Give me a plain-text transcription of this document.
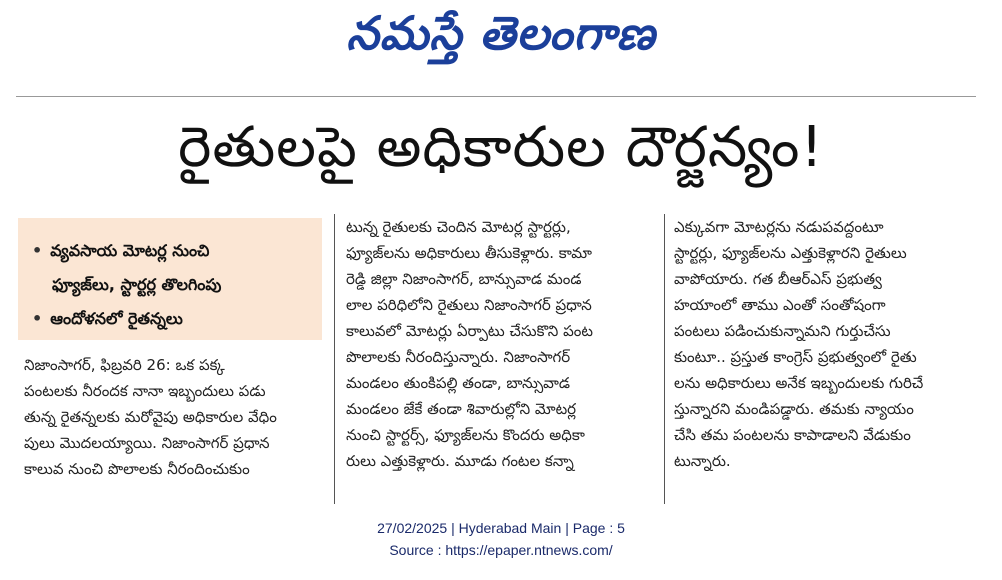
నమస్తే తెలంగాణ
రైతులపై అధికారుల దౌర్జన్యం!
• వ్యవసాయ మోటర్ల నుంచి
ఫ్యూజ్‌లు, స్టార్టర్ల తొలగింపు
• ఆందోళనలో రైతన్నలు
నిజాంసాగర్, ఫిబ్రవరి 26: ఒక పక్క
పంటలకు నీరందక నానా ఇబ్బందులు పడు
తున్న రైతన్నలకు మరోవైపు అధికారుల వేధిం
పులు మొదలయ్యాయి. నిజాంసాగర్ ప్రధాన
కాలువ నుంచి పొలాలకు నీరందించుకుం
టున్న రైతులకు చెందిన మోటర్ల స్టార్టర్లు,
ఫ్యూజ్‌లను అధికారులు తీసుకెళ్లారు. కామా
రెడ్డి జిల్లా నిజాంసాగర్, బాన్సువాడ మండ
లాల పరిధిలోని రైతులు నిజాంసాగర్ ప్రధాన
కాలువలో మోటర్లు ఏర్పాటు చేసుకొని పంట
పొలాలకు నీరందిస్తున్నారు. నిజాంసాగర్
మండలం తుంకిపల్లి తండా, బాన్సువాడ
మండలం జేకే తండా శివారుల్లోని మోటర్ల
నుంచి స్టార్టర్స్, ఫ్యూజ్‌లను కొందరు అధికా
రులు ఎత్తుకెళ్లారు. మూడు గంటల కన్నా
ఎక్కువగా మోటర్లను నడుపవద్దంటూ
స్టార్టర్లు, ఫ్యూజ్‌లను ఎత్తుకెళ్లారని రైతులు
వాపోయారు. గత బీఆర్‌ఎస్ ప్రభుత్వ
హయాంలో తాము ఎంతో సంతోషంగా
పంటలు పడించుకున్నామని గుర్తుచేసు
కుంటూ.. ప్రస్తుత కాంగ్రెస్ ప్రభుత్వంలో రైతు
లను అధికారులు అనేక ఇబ్బందులకు గురిచే
స్తున్నారని మండిపడ్డారు. తమకు న్యాయం
చేసి తమ పంటలను కాపాడాలని వేడుకుం
టున్నారు.
27/02/2025 | Hyderabad Main | Page : 5
Source : https://epaper.ntnews.com/
